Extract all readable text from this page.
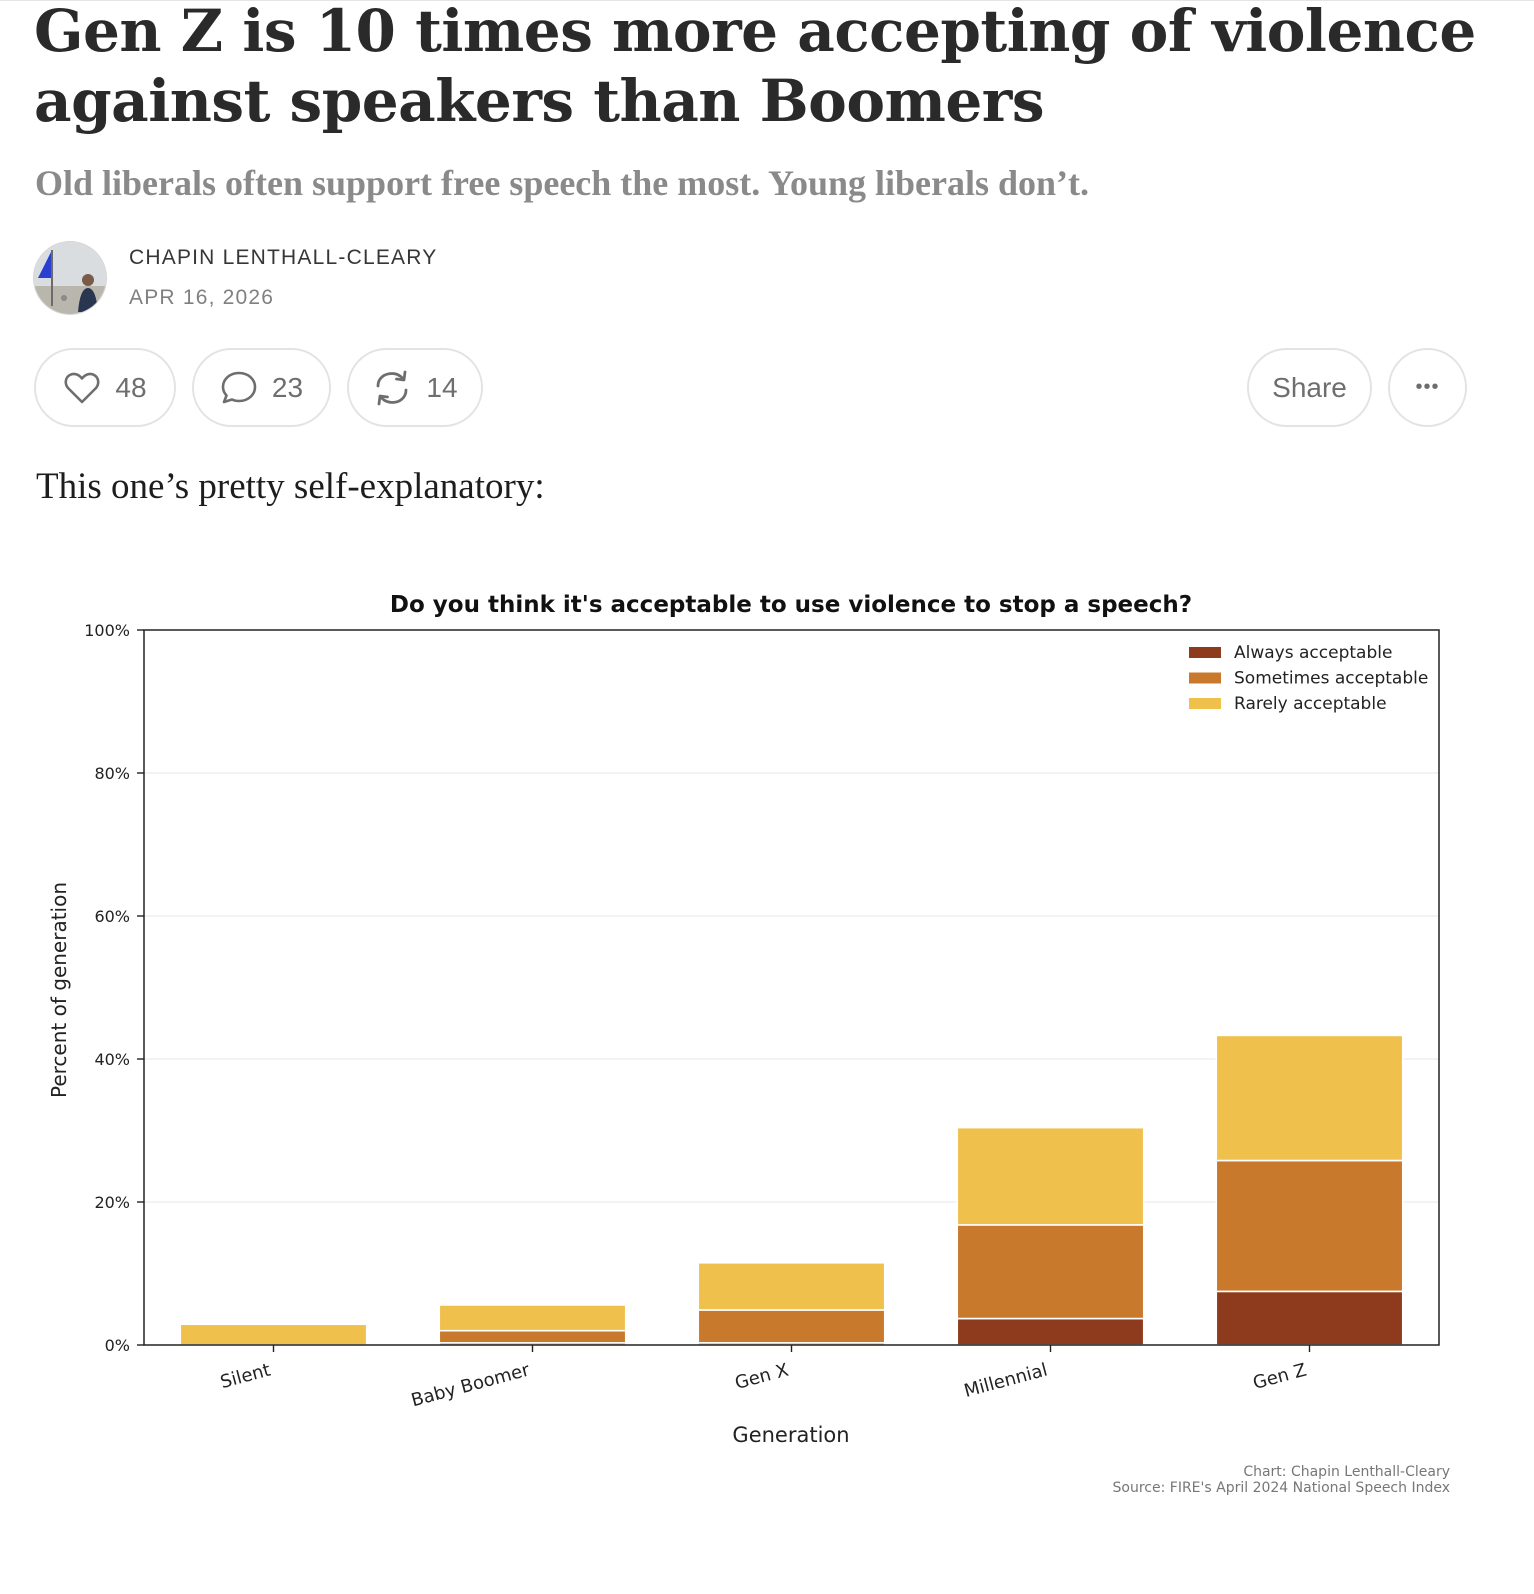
Gen Z is 10 times more accepting of violence against speakers than Boomers
Old liberals often support free speech the most. Young liberals don’t.
CHAPIN LENTHALL-CLEARY
APR 16, 2026
48	23	14	Share	•••

This one’s pretty self-explanatory:

Do you think it's acceptable to use violence to stop a speech?
0%
20%
40%
60%
80%
100%
Silent	Baby Boomer	Gen X	Millennial	Gen Z
Percent of generation
Generation
Always acceptable
Sometimes acceptable
Rarely acceptable
Chart: Chapin Lenthall-Cleary
Source: FIRE's April 2024 National Speech Index
